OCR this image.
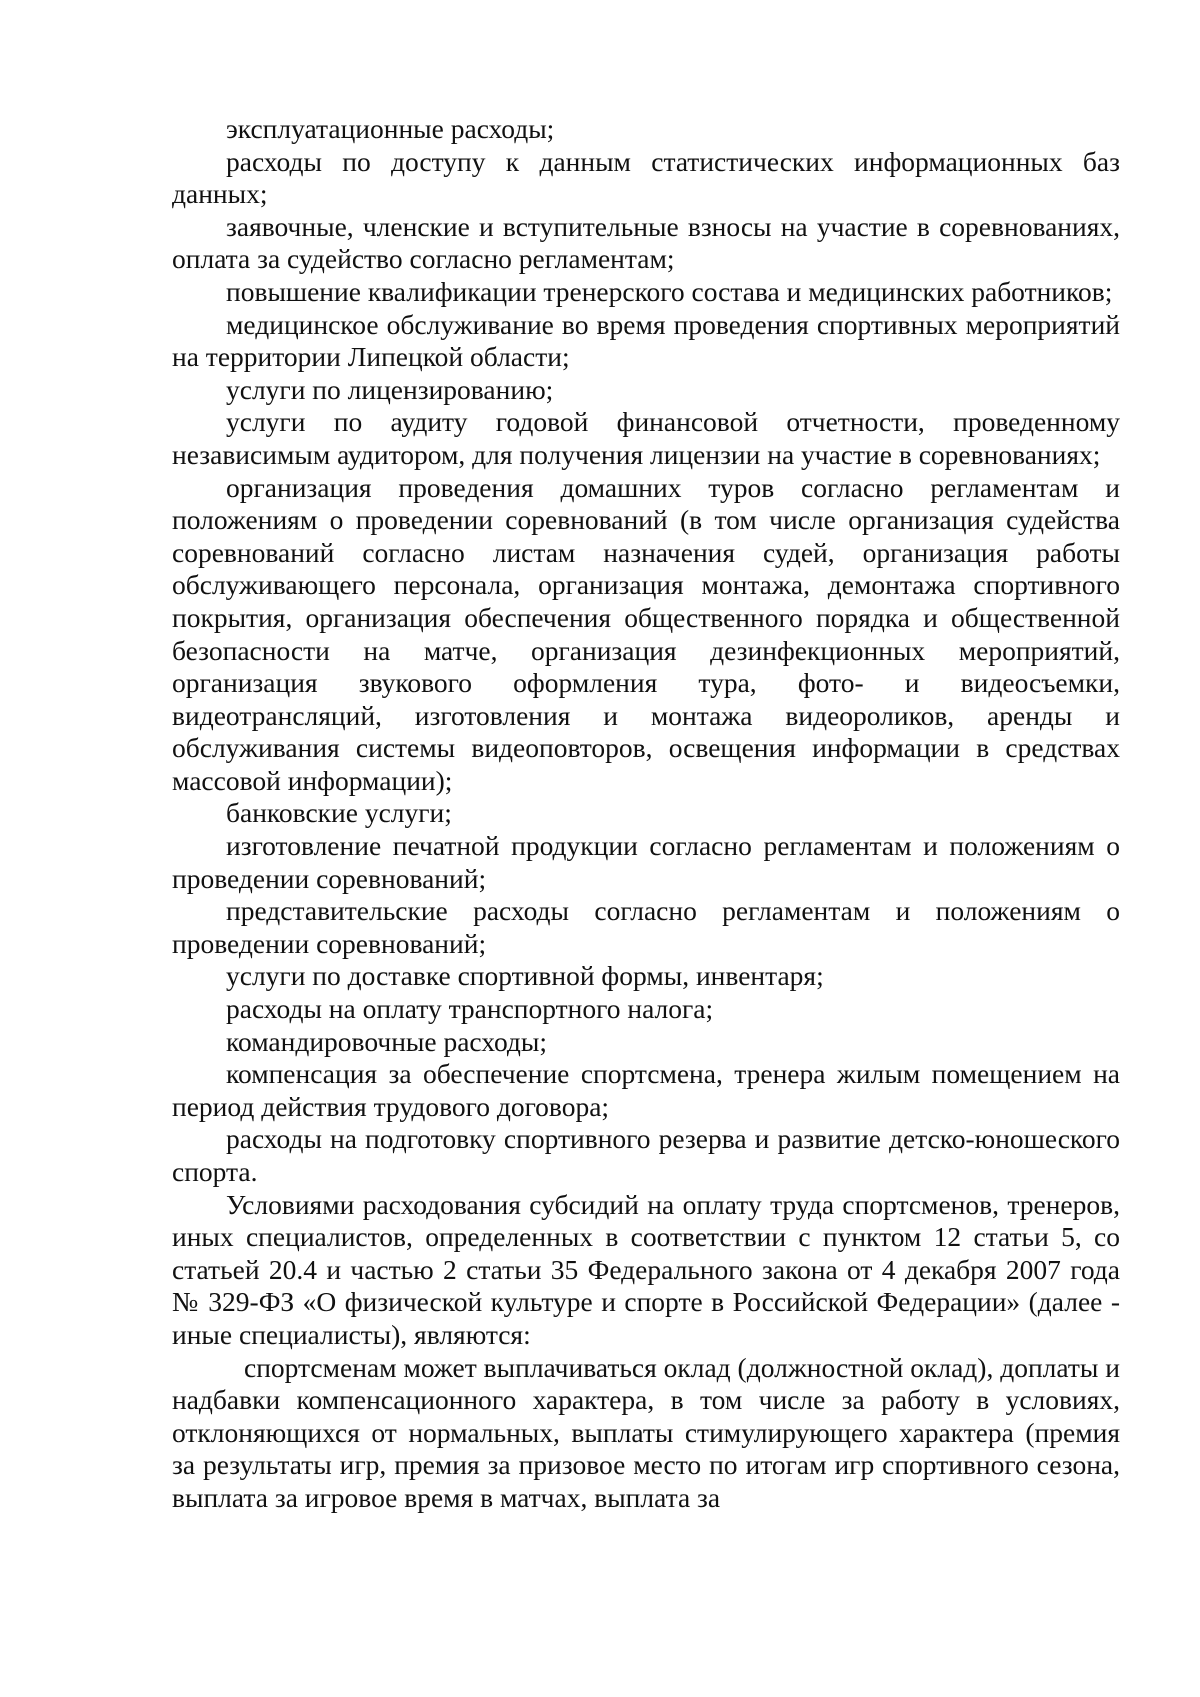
эксплуатационные расходы;

расходы по доступу к данным статистических информационных баз данных;

заявочные, членские и вступительные взносы на участие в соревнованиях, оплата за судейство согласно регламентам;

повышение квалификации тренерского состава и медицинских работников;

медицинское обслуживание во время проведения спортивных мероприятий на территории Липецкой области;

услуги по лицензированию;

услуги по аудиту годовой финансовой отчетности, проведенному независимым аудитором, для получения лицензии на участие в соревнованиях;

организация проведения домашних туров согласно регламентам и положениям о проведении соревнований (в том числе организация судейства соревнований согласно листам назначения судей, организация работы обслуживающего персонала, организация монтажа, демонтажа спортивного покрытия, организация обеспечения общественного порядка и общественной безопасности на матче, организация дезинфекционных мероприятий, организация звукового оформления тура, фото- и видеосъемки, видеотрансляций, изготовления и монтажа видеороликов, аренды и обслуживания системы видеоповторов, освещения информации в средствах массовой информации);

банковские услуги;

изготовление печатной продукции согласно регламентам и положениям о проведении соревнований;

представительские расходы согласно регламентам и положениям о проведении соревнований;

услуги по доставке спортивной формы, инвентаря;

расходы на оплату транспортного налога;

командировочные расходы;

компенсация за обеспечение спортсмена, тренера жилым помещением на период действия трудового договора;

расходы на подготовку спортивного резерва и развитие детско-юношеского спорта.

Условиями расходования субсидий на оплату труда спортсменов, тренеров, иных специалистов, определенных в соответствии с пунктом 12 статьи 5, со статьей 20.4 и частью 2 статьи 35 Федерального закона от 4 декабря 2007 года № 329-ФЗ «О физической культуре и спорте в Российской Федерации» (далее - иные специалисты), являются:

спортсменам может выплачиваться оклад (должностной оклад), доплаты и надбавки компенсационного характера, в том числе за работу в условиях, отклоняющихся от нормальных, выплаты стимулирующего характера (премия за результаты игр, премия за призовое место по итогам игр спортивного сезона, выплата за игровое время в матчах, выплата за
